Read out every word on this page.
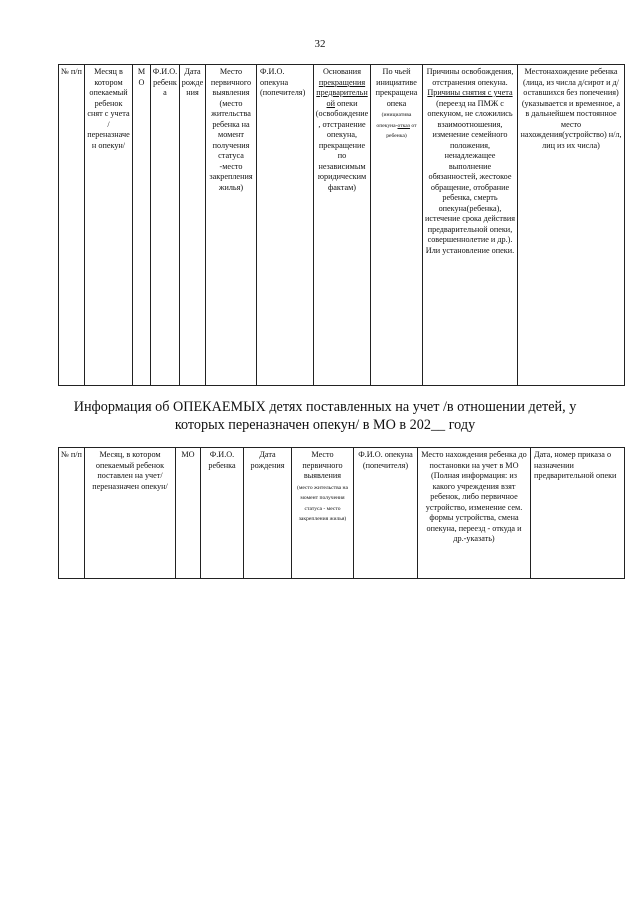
32
№ п/п	Месяц в котором опекаемый ребенок снят с учета /переназначен опекун/	М О	Ф.И.О. ребенка	Дата рождения	Место первичного выявления (место жительства ребенка на момент получения статуса -место закрепления жилья)	Ф.И.О. опекуна (попечителя)	Основания прекращения предварительной опеки (освобождение, отстранение опекуна, прекращение по независимым юридическим фактам)	По чьей инициативе прекращена опека
(инициатива опекуна-отказ от ребенка)	Причины освобождения, отстранения опекуна. Причины снятия с учета (переезд на ПМЖ с опекуном, не сложились взаимоотношения, изменение семейного положения, ненадлежащее выполнение обязанностей, жестокое обращение, отобрание ребенка, смерть опекуна(ребенка), истечение срока действия предварительной опеки, совершеннолетие и др.). Или установление опеки.	Местонахождение ребенка (лица, из числа д/сирот и д/оставшихся без попечения) (указывается и временное, а в дальнейшем постоянное место нахождения(устройство) н/л, лиц из их числа)
Информация об ОПЕКАЕМЫХ детях поставленных на учет /в отношении детей, у которых переназначен опекун/ в МО в 202__ году
№ п/п	Месяц, в котором опекаемый ребенок поставлен на учет/переназначен опекун/	МО	Ф.И.О. ребенка	Дата рождения	Место первичного выявления
(место жительства на момент получения статуса - место закрепления жилья)	Ф.И.О. опекуна (попечителя)	Место нахождения ребенка до постановки на учет в МО (Полная информация: из какого учреждения взят ребенок, либо первичное устройство, изменение сем. формы устройства, смена опекуна, переезд - откуда и др.-указать)	Дата, номер приказа о назначении предварительной опеки
